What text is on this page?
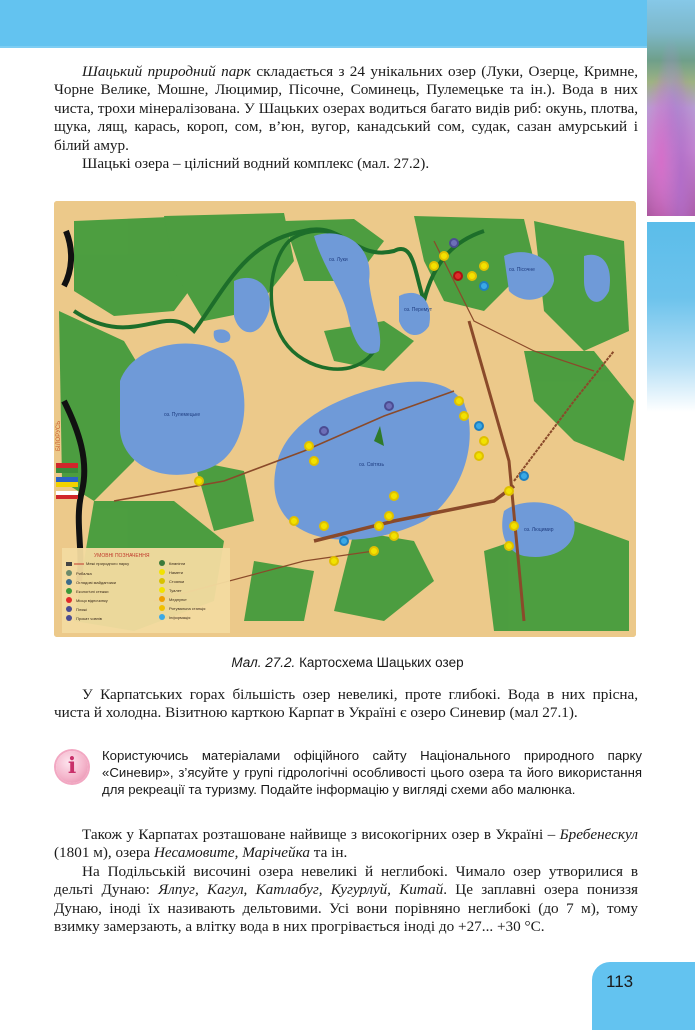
Шацький природний парк складається з 24 унікальних озер (Луки, Озерце, Кримне, Чорне Велике, Мошне, Люцимир, Пісочне, Соминець, Пулемецьке та ін.). Вода в них чиста, трохи мінералізована. У Шацьких озерах водиться багато видів риб: окунь, плотва, щука, лящ, карась, короп, сом, в’юн, вугор, канадський сом, судак, сазан амурський і білий амур.

Шацькі озера – цілісний водний комплекс (мал. 27.2).

оз. Пулемецьке
оз. Світязь
оз. Луки
оз. Люцимир
оз. Пісочне
оз. Перемут
БІЛОРУСЬ
УМОВНІ ПОЗНАЧЕННЯ
Межі природного парку
Рибалка
Оглядові майданчики
Екологічні стежки
Місця відпочинку
Пляжі
Прокат човнів
Кемпінги
Намети
Стоянки
Туалет
Медпункт
Рятувальна станція
Інформація
Мал. 27.2. Картосхема Шацьких озер

У Карпатських горах більшість озер невеликі, проте глибокі. Вода в них прісна, чиста й холодна. Візитною карткою Карпат в Україні є озеро Синевир (мал 27.1).

i	Користуючись матеріалами офіційного сайту Національного природного парку «Синевир», з’ясуйте у групі гідрологічні особливості цього озера та його використання для рекреації та туризму. Подайте інформацію у вигляді схеми або малюнка.

Також у Карпатах розташоване найвище з високогірних озер в Україні – Бребенескул (1801 м), озера Несамовите, Марічейка та ін.

На Подільській височині озера невеликі й неглибокі. Чимало озер утворилися в дельті Дунаю: Ялпуг, Кагул, Катлабуг, Кугурлуй, Китай. Це заплавні озера пониззя Дунаю, іноді їх називають дельтовими. Усі вони порівняно неглибокі (до 7 м), тому взимку замерзають, а влітку вода в них прогрівається іноді до +27... +30 °С.

113
